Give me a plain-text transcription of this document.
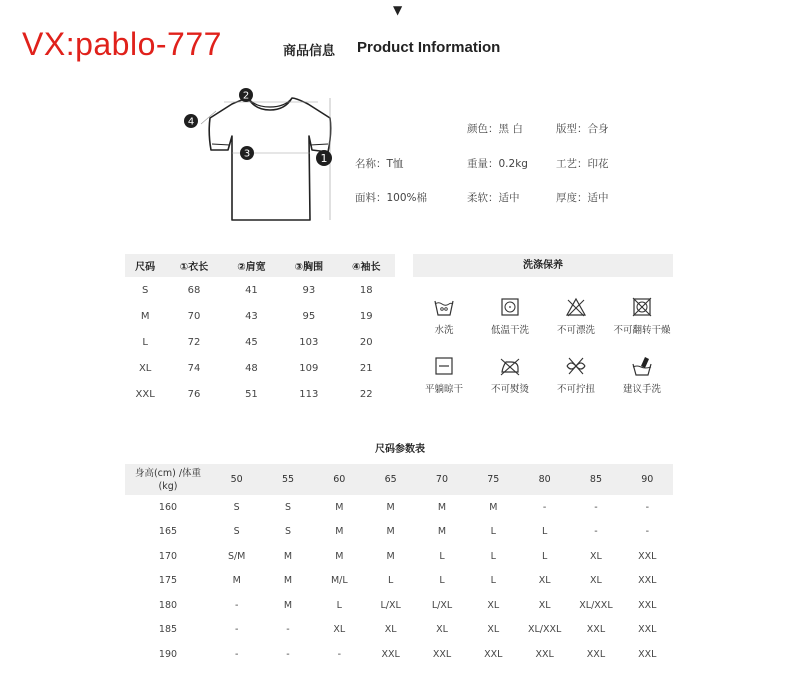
▼
VX:pablo-777	商品信息 Product Information
2
3	1
4
颜色：黑 白	版型：合身
名称：T恤	重量：0.2kg	工艺：印花
面料：100%棉	柔软：适中	厚度：适中
尺码	①衣长	②肩宽	③胸围	④袖长
S	68	41	93	18
M	70	43	95	19
L	72	45	103	20
XL	74	48	109	21
XXL	76	51	113	22
洗涤保养
水洗	低温干洗	不可漂洗	不可翻转干燥
平躺晾干	不可熨烫	不可拧扭	建议手洗
尺码参数表
身高(cm) /体重
(kg)	50	55	60	65	70	75	80	85	90
160	S	S	M	M	M	M	-	-	-
165	S	S	M	M	M	L	L	-	-
170	S/M	M	M	M	L	L	L	XL	XXL
175	M	M	M/L	L	L	L	XL	XL	XXL
180	-	M	L	L/XL	L/XL	XL	XL	XL/XXL	XXL
185	-	-	XL	XL	XL	XL	XL/XXL	XXL	XXL
190	-	-	-	XXL	XXL	XXL	XXL	XXL	XXL
